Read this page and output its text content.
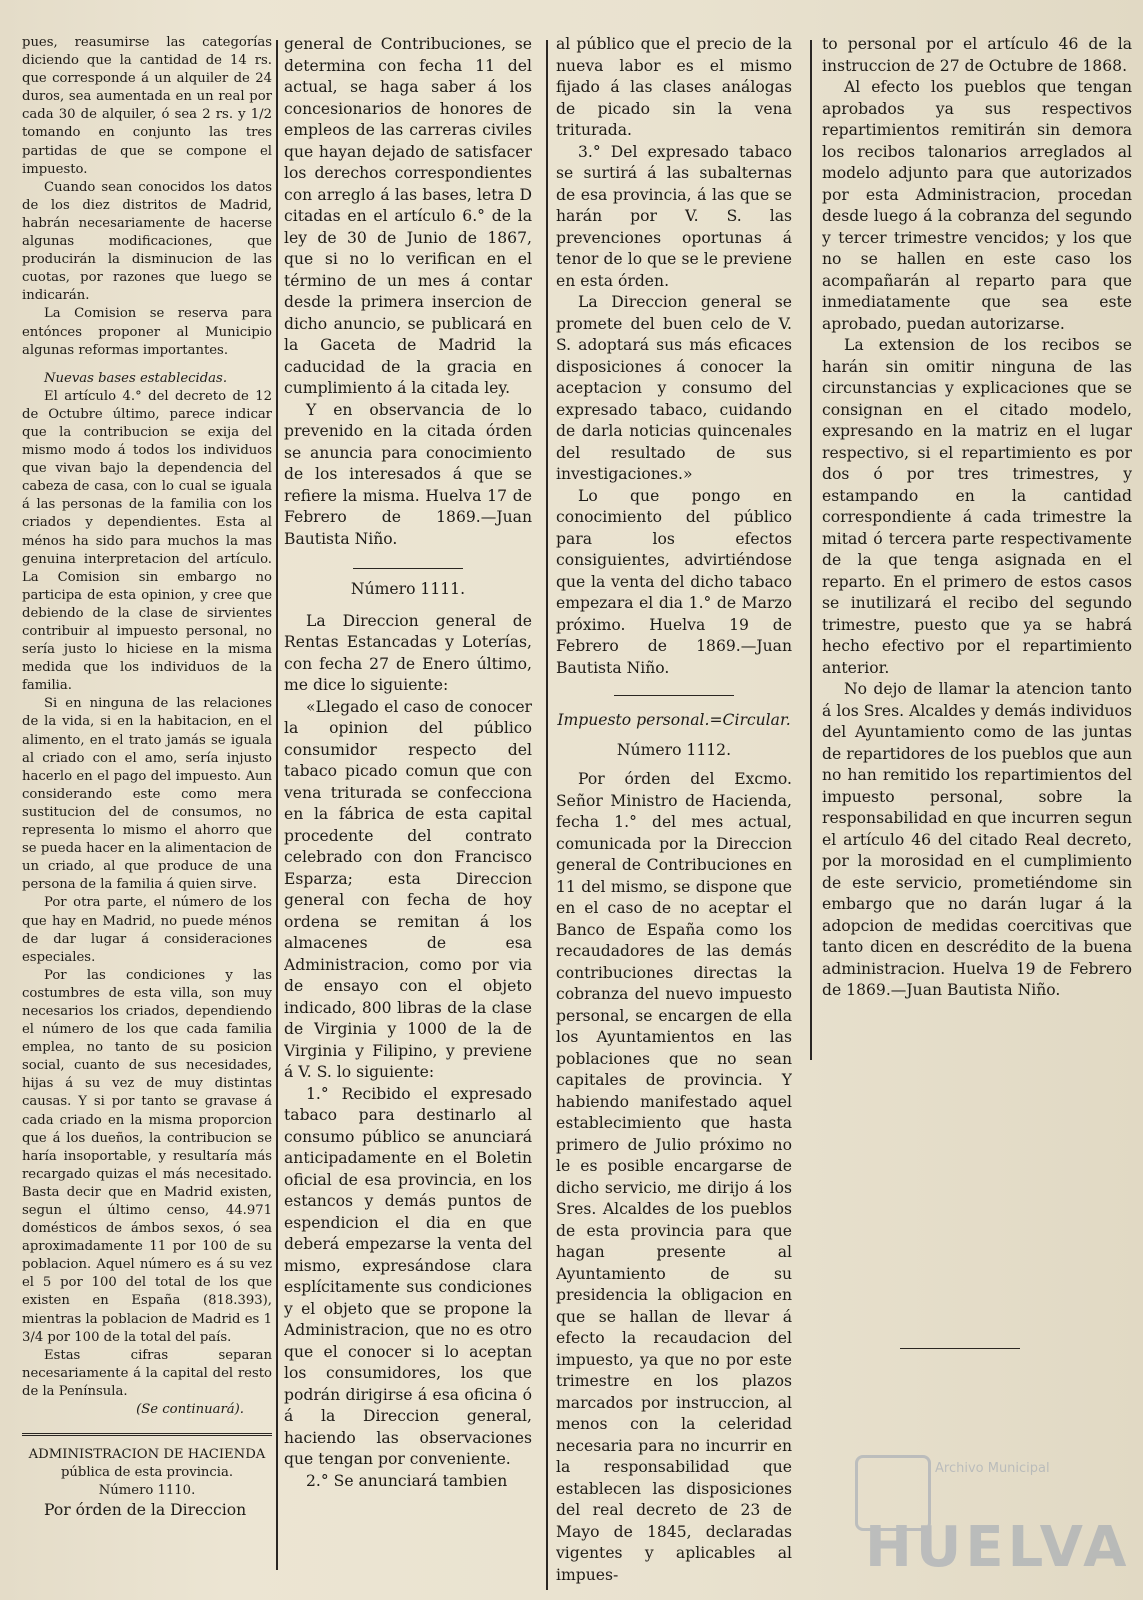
pues, reasumirse las categorías diciendo que la cantidad de 14 rs. que corresponde á un alquiler de 24 duros, sea aumentada en un real por cada 30 de alquiler, ó sea 2 rs. y 1/2 tomando en conjunto las tres partidas de que se compone el impuesto.

Cuando sean conocidos los datos de los diez distritos de Madrid, habrán necesariamente de hacerse algunas modificaciones, que producirán la disminucion de las cuotas, por razones que luego se indicarán.

La Comision se reserva para entónces proponer al Municipio algunas reformas importantes.

Nuevas bases establecidas.

El artículo 4.° del decreto de 12 de Octubre último, parece indicar que la contribucion se exija del mismo modo á todos los individuos que vivan bajo la dependencia del cabeza de casa, con lo cual se iguala á las personas de la familia con los criados y dependientes. Esta al ménos ha sido para muchos la mas genuina interpretacion del artículo. La Comision sin embargo no participa de esta opinion, y cree que debiendo de la clase de sirvientes contribuir al impuesto personal, no sería justo lo hiciese en la misma medida que los individuos de la familia.

Si en ninguna de las relaciones de la vida, si en la habitacion, en el alimento, en el trato jamás se iguala al criado con el amo, sería injusto hacerlo en el pago del impuesto. Aun considerando este como mera sustitucion del de consumos, no representa lo mismo el ahorro que se pueda hacer en la alimentacion de un criado, al que produce de una persona de la familia á quien sirve.

Por otra parte, el número de los que hay en Madrid, no puede ménos de dar lugar á consideraciones especiales.

Por las condiciones y las costumbres de esta villa, son muy necesarios los criados, dependiendo el número de los que cada familia emplea, no tanto de su posicion social, cuanto de sus necesidades, hijas á su vez de muy distintas causas. Y si por tanto se gravase á cada criado en la misma proporcion que á los dueños, la contribucion se haría insoportable, y resultaría más recargado quizas el más necesitado. Basta decir que en Madrid existen, segun el último censo, 44.971 domésticos de ámbos sexos, ó sea aproximadamente 11 por 100 de su poblacion. Aquel número es á su vez el 5 por 100 del total de los que existen en España (818.393), mientras la poblacion de Madrid es 1 3/4 por 100 de la total del país.

Estas cifras separan necesariamente á la capital del resto de la Península.

(Se continuará).

ADMINISTRACION DE HACIENDA

pública de esta provincia.

Número 1110.

Por órden de la Direccion

general de Contribuciones, se determina con fecha 11 del actual, se haga saber á los concesionarios de honores de empleos de las carreras civiles que hayan dejado de satisfacer los derechos correspondientes con arreglo á las bases, letra D citadas en el artículo 6.° de la ley de 30 de Junio de 1867, que si no lo verifican en el término de un mes á contar desde la primera insercion de dicho anuncio, se publicará en la Gaceta de Madrid la caducidad de la gracia en cumplimiento á la citada ley.

Y en observancia de lo prevenido en la citada órden se anuncia para conocimiento de los interesados á que se refiere la misma. Huelva 17 de Febrero de 1869.—Juan Bautista Niño.

Número 1111.

La Direccion general de Rentas Estancadas y Loterías, con fecha 27 de Enero último, me dice lo siguiente:

«Llegado el caso de conocer la opinion del público consumidor respecto del tabaco picado comun que con vena triturada se confecciona en la fábrica de esta capital procedente del contrato celebrado con don Francisco Esparza; esta Direccion general con fecha de hoy ordena se remitan á los almacenes de esa Administracion, como por via de ensayo con el objeto indicado, 800 libras de la clase de Virginia y 1000 de la de Virginia y Filipino, y previene á V. S. lo siguiente:

1.° Recibido el expresado tabaco para destinarlo al consumo público se anunciará anticipadamente en el Boletin oficial de esa provincia, en los estancos y demás puntos de espendicion el dia en que deberá empezarse la venta del mismo, expresándose clara esplícitamente sus condiciones y el objeto que se propone la Administracion, que no es otro que el conocer si lo aceptan los consumidores, los que podrán dirigirse á esa oficina ó á la Direccion general, haciendo las observaciones que tengan por conveniente.

2.° Se anunciará tambien

al público que el precio de la nueva labor es el mismo fijado á las clases análogas de picado sin la vena triturada.

3.° Del expresado tabaco se surtirá á las subalternas de esa provincia, á las que se harán por V. S. las prevenciones oportunas á tenor de lo que se le previene en esta órden.

La Direccion general se promete del buen celo de V. S. adoptará sus más eficaces disposiciones á conocer la aceptacion y consumo del expresado tabaco, cuidando de darla noticias quincenales del resultado de sus investigaciones.»

Lo que pongo en conocimiento del público para los efectos consiguientes, advirtiéndose que la venta del dicho tabaco empezara el dia 1.° de Marzo próximo. Huelva 19 de Febrero de 1869.—Juan Bautista Niño.

Impuesto personal.=Circular.

Número 1112.

Por órden del Excmo. Señor Ministro de Hacienda, fecha 1.° del mes actual, comunicada por la Direccion general de Contribuciones en 11 del mismo, se dispone que en el caso de no aceptar el Banco de España como los recaudadores de las demás contribuciones directas la cobranza del nuevo impuesto personal, se encargen de ella los Ayuntamientos en las poblaciones que no sean capitales de provincia. Y habiendo manifestado aquel establecimiento que hasta primero de Julio próximo no le es posible encargarse de dicho servicio, me dirijo á los Sres. Alcaldes de los pueblos de esta provincia para que hagan presente al Ayuntamiento de su presidencia la obligacion en que se hallan de llevar á efecto la recaudacion del impuesto, ya que no por este trimestre en los plazos marcados por instruccion, al menos con la celeridad necesaria para no incurrir en la responsabilidad que establecen las disposiciones del real decreto de 23 de Mayo de 1845, declaradas vigentes y aplicables al impues-

to personal por el artículo 46 de la instruccion de 27 de Octubre de 1868.

Al efecto los pueblos que tengan aprobados ya sus respectivos repartimientos remitirán sin demora los recibos talonarios arreglados al modelo adjunto para que autorizados por esta Administracion, procedan desde luego á la cobranza del segundo y tercer trimestre vencidos; y los que no se hallen en este caso los acompañarán al reparto para que inmediatamente que sea este aprobado, puedan autorizarse.

La extension de los recibos se harán sin omitir ninguna de las circunstancias y explicaciones que se consignan en el citado modelo, expresando en la matriz en el lugar respectivo, si el repartimiento es por dos ó por tres trimestres, y estampando en la cantidad correspondiente á cada trimestre la mitad ó tercera parte respectivamente de la que tenga asignada en el reparto. En el primero de estos casos se inutilizará el recibo del segundo trimestre, puesto que ya se habrá hecho efectivo por el repartimiento anterior.

No dejo de llamar la atencion tanto á los Sres. Alcaldes y demás individuos del Ayuntamiento como de las juntas de repartidores de los pueblos que aun no han remitido los repartimientos del impuesto personal, sobre la responsabilidad en que incurren segun el artículo 46 del citado Real decreto, por la morosidad en el cumplimiento de este servicio, prometiéndome sin embargo que no darán lugar á la adopcion de medidas coercitivas que tanto dicen en descrédito de la buena administracion. Huelva 19 de Febrero de 1869.—Juan Bautista Niño.

Archivo Municipal
HUELVA
